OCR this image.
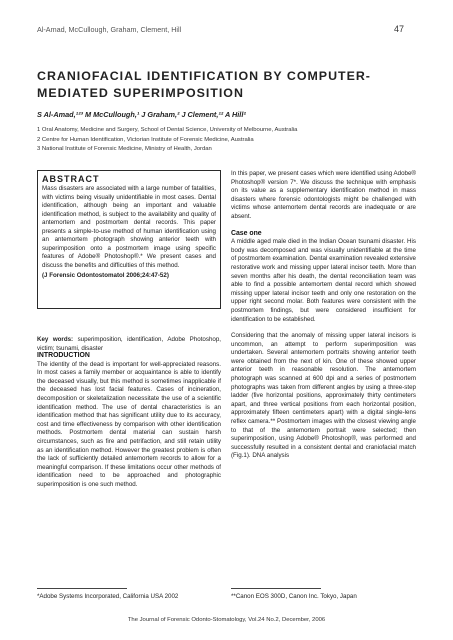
Al-Amad, McCullough, Graham, Clement, Hill	47
CRANIOFACIAL IDENTIFICATION BY COMPUTER-
MEDIATED SUPERIMPOSITION
S Al-Amad,¹²³ M McCullough,¹ J Graham,² J Clement,¹² A Hill²
1 Oral Anatomy, Medicine and Surgery, School of Dental Science, University of Melbourne, Australia
2 Centre for Human Identification, Victorian Institute of Forensic Medicine, Australia
3 National Institute of Forensic Medicine, Ministry of Health, Jordan
ABSTRACT

Mass disasters are associated with a large number of fatalities, with victims being visually unidentifiable in most cases. Dental identification, although being an important and valuable identification method, is subject to the availability and quality of antemortem and postmortem dental records. This paper presents a simple-to-use method of human identification using an antemortem photograph showing anterior teeth with superimposition onto a postmortem image using specific features of Adobe® Photoshop®.* We present cases and discuss the benefits and difficulties of this method.

(J Forensic Odontostomatol 2006;24:47-52)

Key words: superimposition, identification, Adobe Photoshop, victim; tsunami, disaster

INTRODUCTION

The identity of the dead is important for well-appreciated reasons. In most cases a family member or acquaintance is able to identify the deceased visually, but this method is sometimes inapplicable if the deceased has lost facial features. Cases of incineration, decomposition or skeletalization necessitate the use of a scientific identification method. The use of dental characteristics is an identification method that has significant utility due to its accuracy, cost and time effectiveness by comparison with other identification methods. Postmortem dental material can sustain harsh circumstances, such as fire and petrifaction, and still retain utility as an identification method. However the greatest problem is often the lack of sufficiently detailed antemortem records to allow for a meaningful comparison. If these limitations occur other methods of identification need to be approached and photographic superimposition is one such method.

In this paper, we present cases which were identified using Adobe® Photoshop® version 7*. We discuss the technique with emphasis on its value as a supplementary identification method in mass disasters where forensic odontologists might be challenged with victims whose antemortem dental records are inadequate or are absent.

Case one

A middle aged male died in the Indian Ocean tsunami disaster. His body was decomposed and was visually unidentifiable at the time of postmortem examination. Dental examination revealed extensive restorative work and missing upper lateral incisor teeth. More than seven months after his death, the dental reconciliation team was able to find a possible antemortem dental record which showed missing upper lateral incisor teeth and only one restoration on the upper right second molar. Both features were consistent with the postmortem findings, but were considered insufficient for identification to be established.

Considering that the anomaly of missing upper lateral incisors is uncommon, an attempt to perform superimposition was undertaken. Several antemortem portraits showing anterior teeth were obtained from the next of kin. One of these showed upper anterior teeth in reasonable resolution. The antemortem photograph was scanned at 600 dpi and a series of postmortem photographs was taken from different angles by using a three-step ladder (five horizontal positions, approximately thirty centimeters apart, and three vertical positions from each horizontal position, approximately fifteen centimeters apart) with a digital single-lens reflex camera.** Postmortem images with the closest viewing angle to that of the antemortem portrait were selected; then superimposition, using Adobe® Photoshop®, was performed and successfully resulted in a consistent dental and craniofacial match (Fig.1). DNA analysis

*Adobe Systems Incorporated, California USA 2002	**Canon EOS 300D, Canon Inc. Tokyo, Japan
The Journal of Forensic Odonto-Stomatology, Vol.24 No.2, December, 2006
